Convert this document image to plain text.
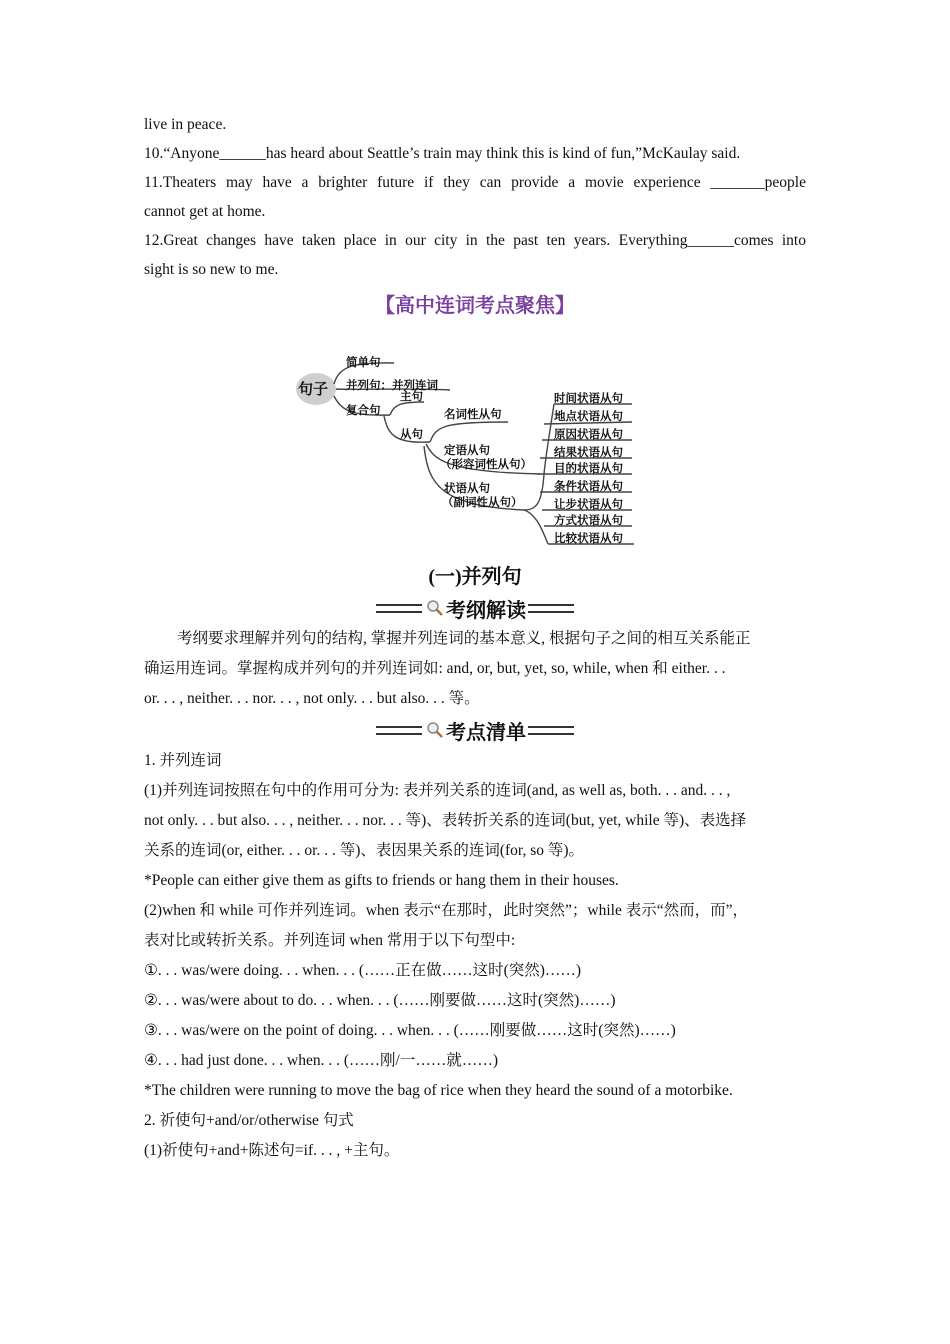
live in peace.

10.“Anyone______has heard about Seattle’s train may think this is kind of fun,”McKaulay said.

11.Theaters may have a brighter future if they can provide a movie experience _______people

cannot get at home.

12.Great changes have taken place in our city in the past ten years. Everything______comes into

sight is so new to me.

【高中连词考点聚焦】

句子
简单句
并列句：并列连词
复合句
主句
从句
名词性从句
定语从句
（形容词性从句）
状语从句
（副词性从句）
时间状语从句
地点状语从句
原因状语从句
结果状语从句
目的状语从句
条件状语从句
让步状语从句
方式状语从句
比较状语从句

(一)并列句

考纲解读

考纲要求理解并列句的结构, 掌握并列连词的基本意义, 根据句子之间的相互关系能正

确运用连词。掌握构成并列句的并列连词如: and, or, but, yet, so, while, when 和 either. . .

or. . . , neither. . . nor. . . , not only. . . but also. . . 等。

考点清单

1. 并列连词

(1)并列连词按照在句中的作用可分为: 表并列关系的连词(and, as well as, both. . . and. . . ,

not only. . . but also. . . , neither. . . nor. . . 等)、表转折关系的连词(but, yet, while 等)、表选择

关系的连词(or, either. . . or. . . 等)、表因果关系的连词(for, so 等)。

*People can either give them as gifts to friends or hang them in their houses.

(2)when 和 while 可作并列连词。when 表示“在那时，此时突然”；while 表示“然而，而”，

表对比或转折关系。并列连词 when 常用于以下句型中:

①. . . was/were doing. . . when. . . (……正在做……这时(突然)……)

②. . . was/were about to do. . . when. . . (……刚要做……这时(突然)……)

③. . . was/were on the point of doing. . . when. . . (……刚要做……这时(突然)……)

④. . . had just done. . . when. . . (……刚/一……就……)

*The children were running to move the bag of rice when they heard the sound of a motorbike.

2. 祈使句+and/or/otherwise 句式

(1)祈使句+and+陈述句=if. . . , +主句。
